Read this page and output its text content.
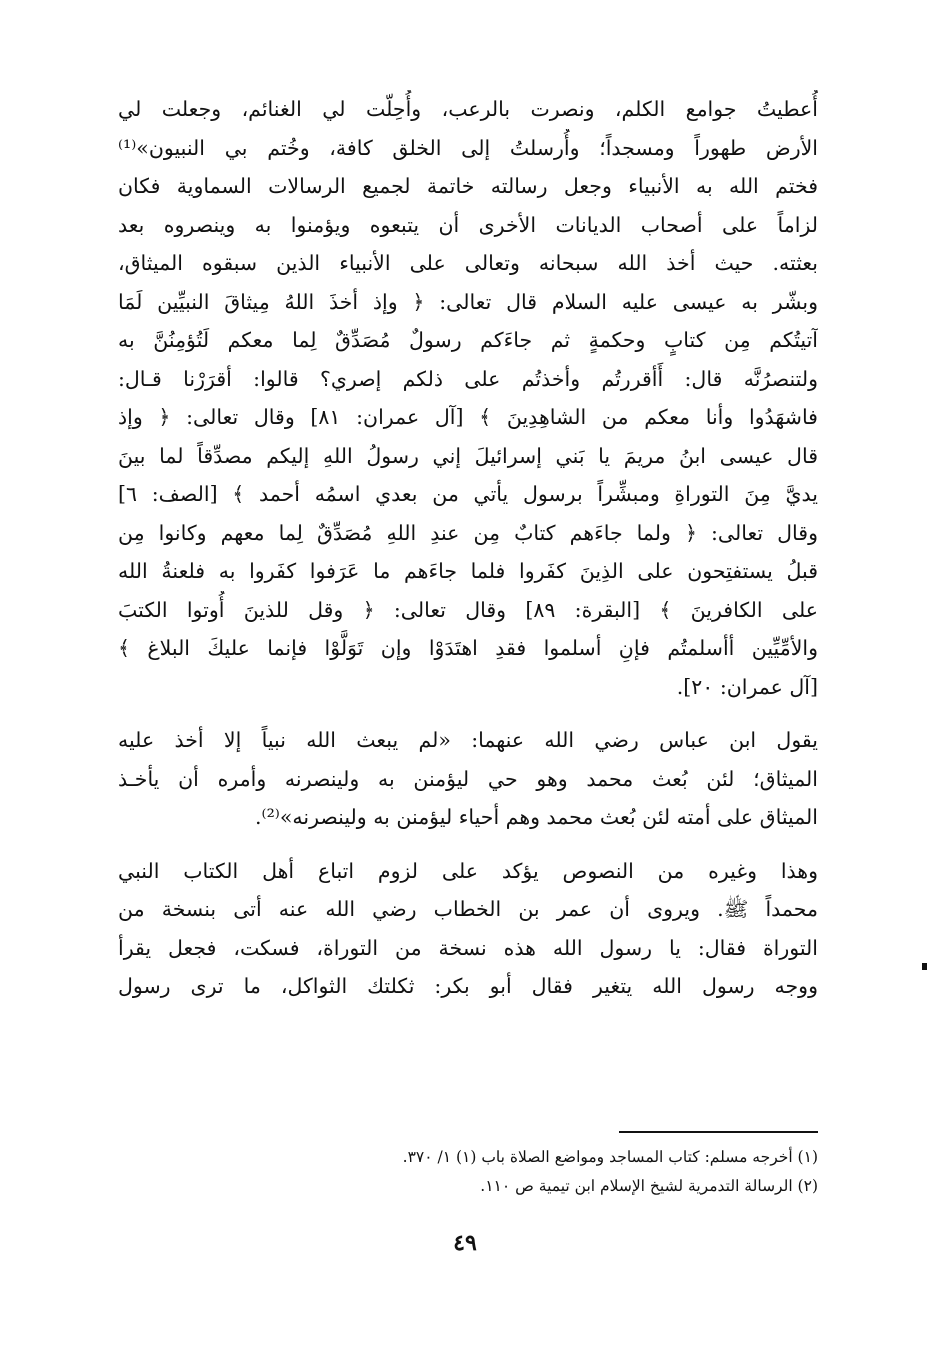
أُعطيتُ جوامع الكلم، ونصرت بالرعب، وأُحِلّت لي الغنائم، وجعلت لي
الأرض طهوراً ومسجداً؛ وأُرسلتُ إلى الخلق كافة، وخُتم بي النبيون»⁽¹⁾
فختم الله به الأنبياء وجعل رسالته خاتمة لجميع الرسالات السماوية فكان
لزاماً على أصحاب الديانات الأخرى أن يتبعوه ويؤمنوا به وينصروه بعد
بعثته. حيث أخذ الله سبحانه وتعالى على الأنبياء الذين سبقوه الميثاق،
وبشّر به عيسى عليه السلام قال تعالى: ﴿ وإذ أخذَ اللهُ مِيثاقَ النبيِّين لَمَا
آتيتُكم مِن كتابٍ وحكمةٍ ثم جاءَكم رسولٌ مُصَدِّقٌ لِما معكم لَتُؤمِنُنَّ به
ولتنصرُنَّه قال: أَأقررتُم وأخذتُم على ذلكم إصري؟ قالوا: أقرَرْنا قـال:
فاشهَدُوا وأنا معكم من الشاهِدِينَ ﴾ [آل عمران: ٨١] وقال تعالى: ﴿ وإذ
قال عيسى ابنُ مريمَ يا بَني إسرائيلَ إني رسولُ اللهِ إليكم مصدِّقاً لما بينَ
يديَّ مِنَ التوراةِ ومبشِّراً برسول يأتي من بعدي اسمُه أحمد ﴾ [الصف: ٦]
وقال تعالى: ﴿ ولما جاءَهم كتابٌ مِن عندِ اللهِ مُصَدِّقٌ لِما معهم وكانوا مِن
قبلُ يستفتِحون على الذِينَ كفَروا فلما جاءَهم ما عَرَفوا كفَروا به فلعنةُ الله
على الكافرينَ ﴾ [البقرة: ٨٩] وقال تعالى: ﴿ وقل للذينَ أُوتوا الكتبَ
والأمِّيِّين أأسلمتُم فإنِ أسلموا فقدِ اهتَدَوْا وإن تَوَلَّوْا فإنما عليكَ البلاغ ﴾
[آل عمران: ٢٠].
يقول ابن عباس رضي الله عنهما: «لم يبعث الله نبياً إلا أخذ عليه
الميثاق؛ لئن بُعث محمد وهو حي ليؤمنن به ولينصرنه وأمره أن يأخـذ
الميثاق على أمته لئن بُعث محمد وهم أحياء ليؤمنن به ولينصرنه»⁽²⁾.
وهذا وغيره من النصوص يؤكد على لزوم اتباع أهل الكتاب النبي
محمداً ﷺ. ويروى أن عمر بن الخطاب رضي الله عنه أتى بنسخة من
التوراة فقال: يا رسول الله هذه نسخة من التوراة، فسكت، فجعل يقرأ
ووجه رسول الله يتغير فقال أبو بكر: ثكلتك الثواكل، ما ترى رسول
(١) أخرجه مسلم: كتاب المساجد ومواضع الصلاة باب (١) ١/ ٣٧٠.
(٢) الرسالة التدمرية لشيخ الإسلام ابن تيمية ص ١١٠.
٤٩
